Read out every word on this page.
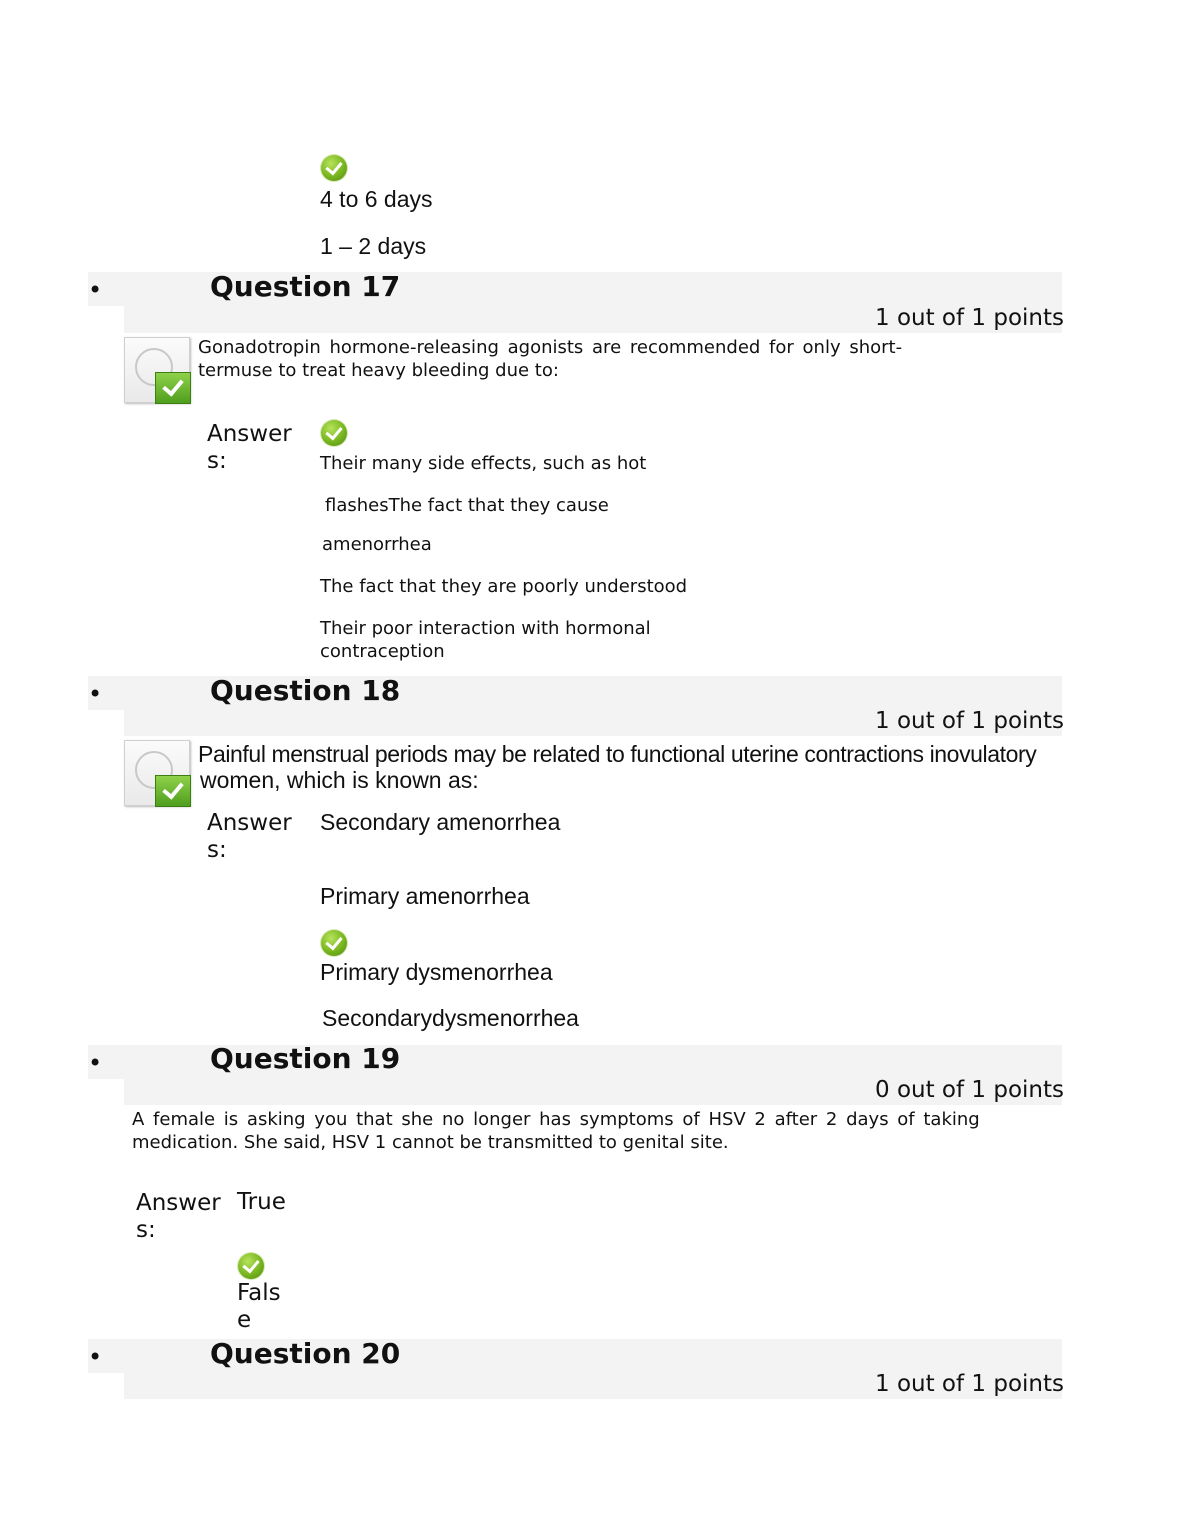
4 to 6 days
1 – 2 days
•	Question 17
1 out of 1 points
Gonadotropin hormone-releasing agonists are recommended for only short-
termuse to treat heavy bleeding due to:
Answer
s:	Their many side effects, such as hot
flashesThe fact that they cause
amenorrhea
The fact that they are poorly understood
Their poor interaction with hormonal
contraception
•	Question 18
1 out of 1 points
Painful menstrual periods may be related to functional uterine contractions inovulatory
women, which is known as:
Answer
s:
Secondary amenorrhea
Primary amenorrhea
Primary dysmenorrhea
Secondarydysmenorrhea
•	Question 19
0 out of 1 points
A female is asking you that she no longer has symptoms of HSV 2 after 2 days of taking
medication. She said, HSV 1 cannot be transmitted to genital site.
Answer
s:
True
Fals
e
•	Question 20
1 out of 1 points
